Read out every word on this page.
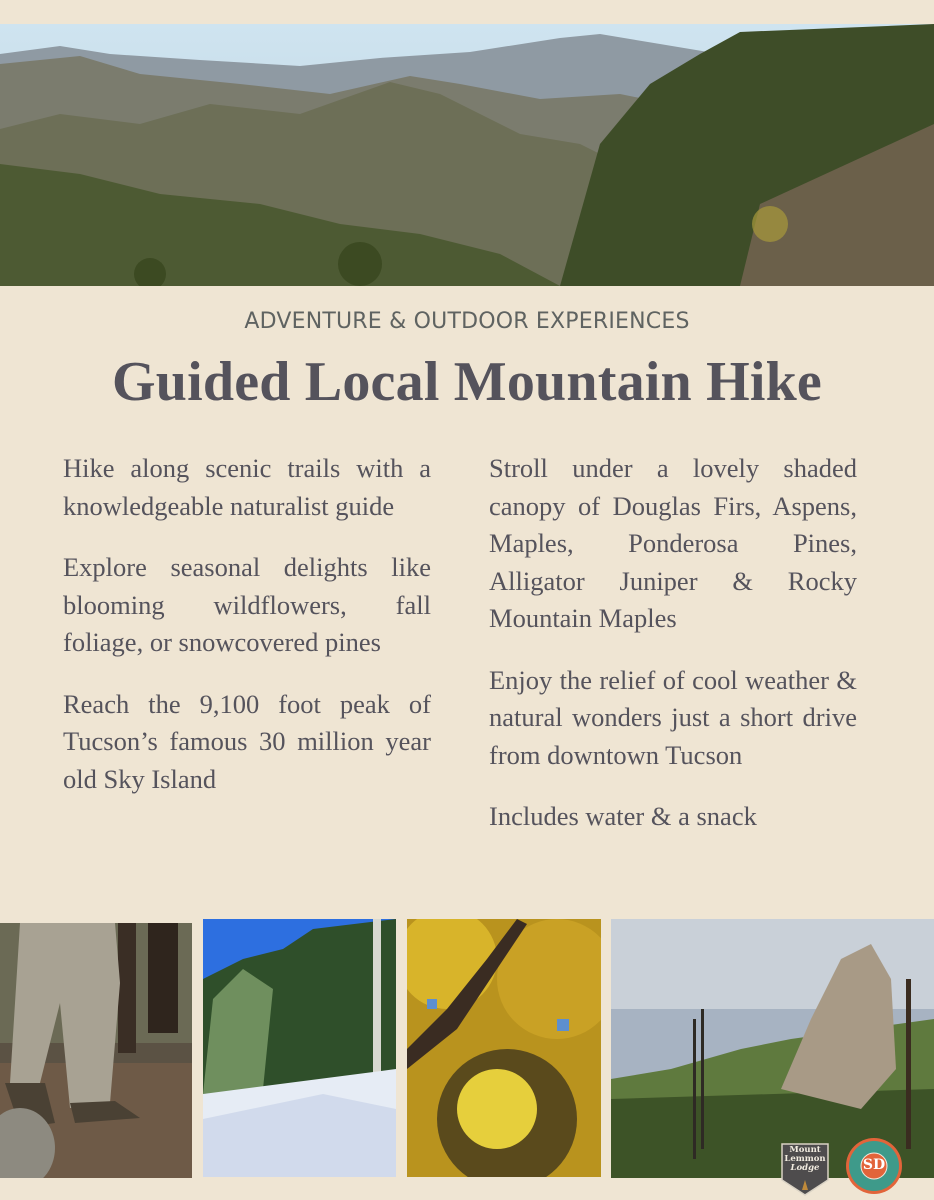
ADVENTURE & OUTDOOR EXPERIENCES
Guided Local Mountain Hike

Hike along scenic trails with a knowledgeable naturalist guide

Explore seasonal delights like blooming wildflowers, fall foliage, or snowcovered pines

Reach the 9,100 foot peak of Tucson’s famous 30 million year old Sky Island

Stroll under a lovely shaded canopy of Douglas Firs, Aspens, Maples, Ponderosa Pines, Alligator Juniper & Rocky Mountain Maples

Enjoy the relief of cool weather & natural wonders just a short drive from downtown Tucson

Includes water & a snack

Mount
Lemmon
Lodge	SD
